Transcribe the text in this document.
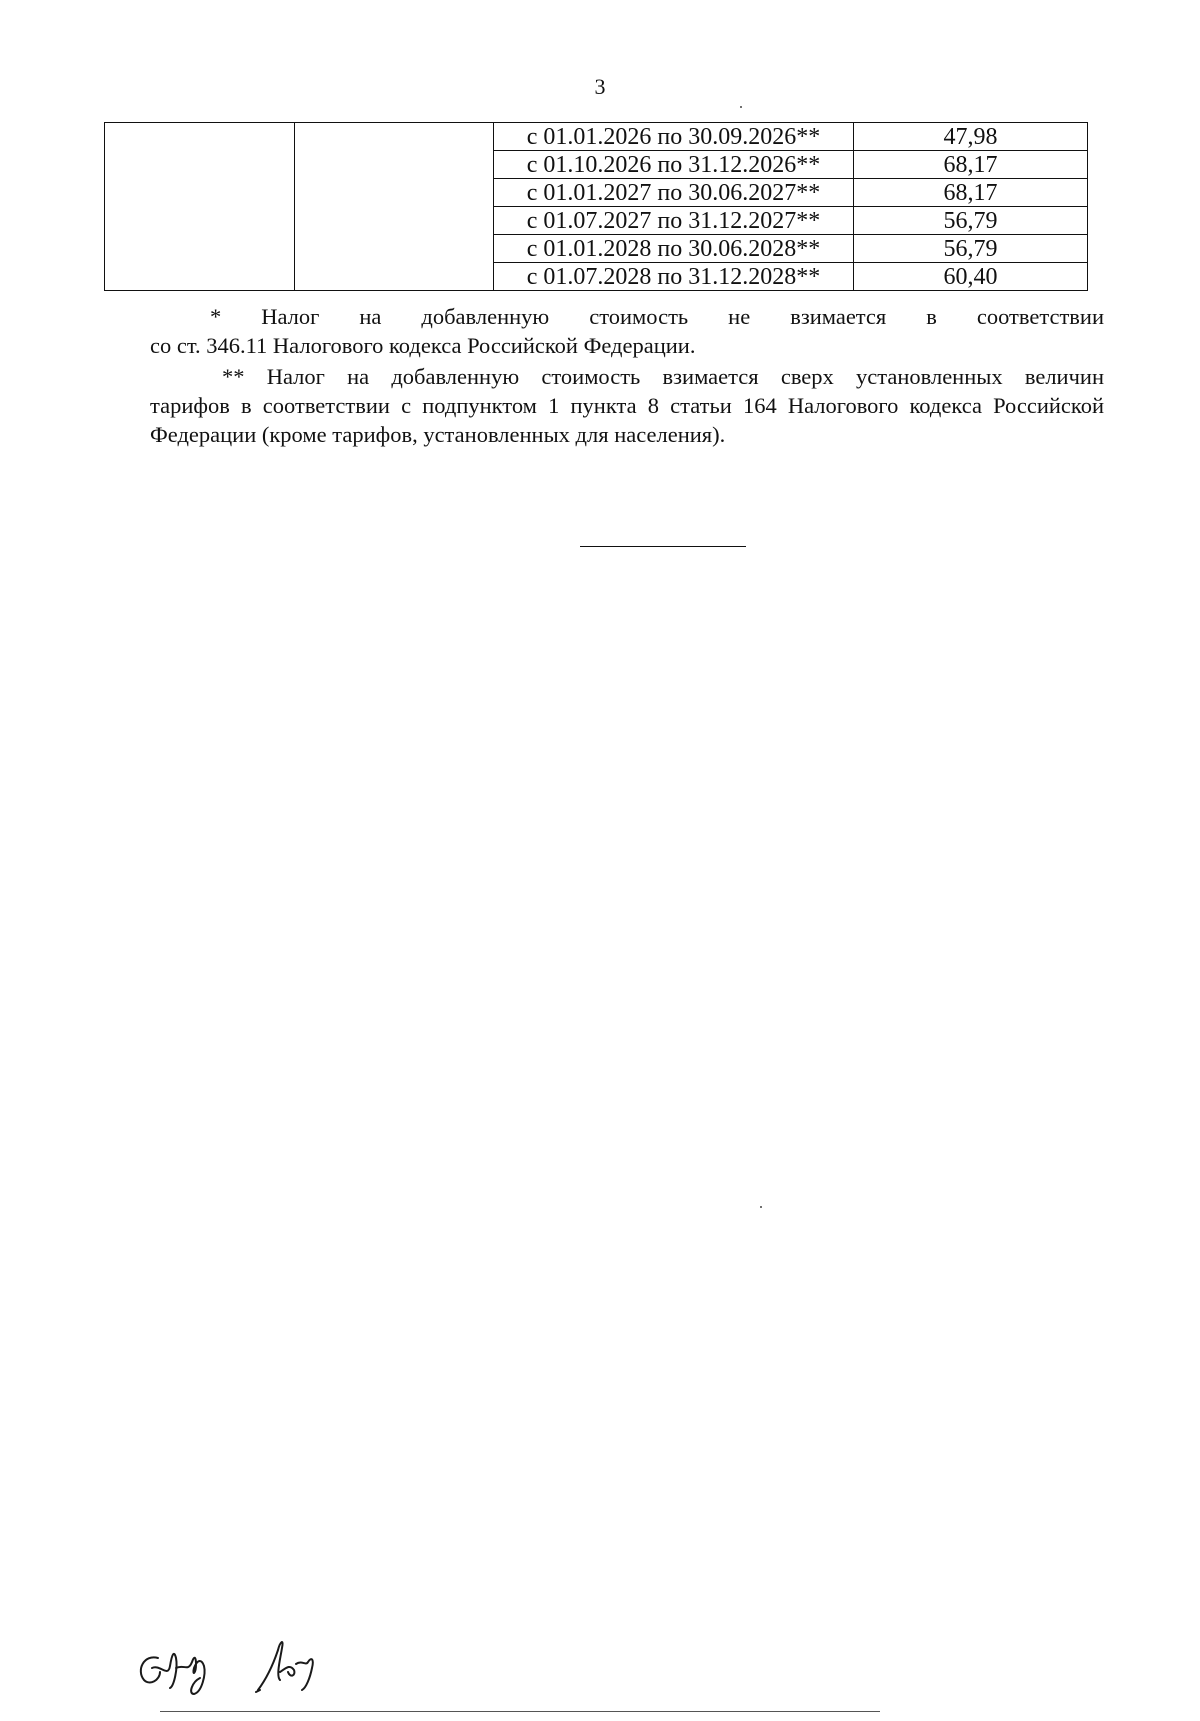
3
		с 01.01.2026 по 30.09.2026**	47,98
		с 01.10.2026 по 31.12.2026**	68,17
		с 01.01.2027 по 30.06.2027**	68,17
		с 01.07.2027 по 31.12.2027**	56,79
		с 01.01.2028 по 30.06.2028**	56,79
		с 01.07.2028 по 31.12.2028**	60,40
* Налог на добавленную стоимость не взимается в соответствии
со ст. 346.11 Налогового кодекса Российской Федерации.
** Налог на добавленную стоимость взимается сверх установленных величин
тарифов в соответствии с подпунктом 1 пункта 8 статьи 164 Налогового кодекса Российской Федерации (кроме тарифов, установленных для населения).
